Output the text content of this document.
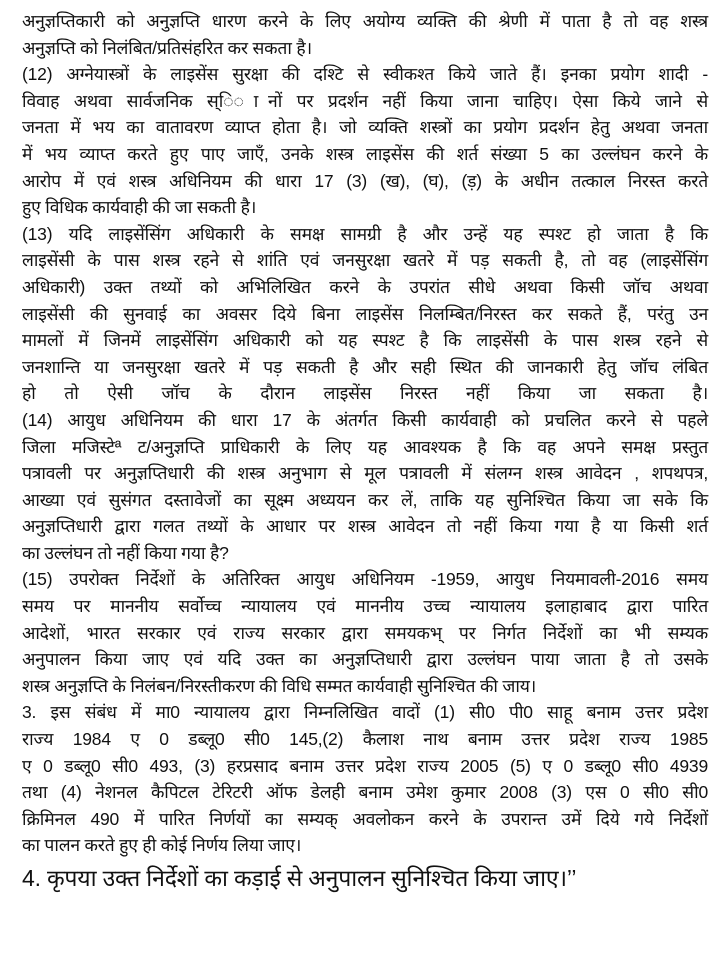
अनुज्ञप्तिकारी को अनुज्ञप्ति धारण करने के लिए अयोग्य व्यक्ति की श्रेणी में पाता है तो वह शस्त्र
अनुज्ञप्ति को निलंबित/प्रतिसंहरित कर सकता है।
(12) अग्नेयास्त्रों के लाइसेंस सुरक्षा की दश्टि से स्वीकश्त किये जाते हैं। इनका प्रयोग शादी -
विवाह अथवा सार्वजनिक स्ि◌ानों पर प्रदर्शन नहीं किया जाना चाहिए। ऐसा किये जाने से
जनता में भय का वातावरण व्याप्त होता है। जो व्यक्ति शस्त्रों का प्रयोग प्रदर्शन हेतु अथवा जनता
में भय व्याप्त करते हुए पाए जाएँ, उनके शस्त्र लाइसेंस की शर्त संख्या 5 का उल्लंघन करने के
आरोप में एवं शस्त्र अधिनियम की धारा 17 (3) (ख), (घ), (ड़) के अधीन तत्काल निरस्त करते
हुए विधिक कार्यवाही की जा सकती है।
(13) यदि लाइसेंसिंग अधिकारी के समक्ष सामग्री है और उन्हें यह स्पश्ट हो जाता है कि
लाइसेंसी के पास शस्त्र रहने से शांति एवं जनसुरक्षा खतरे में पड़ सकती है, तो वह (लाइसेंसिंग
अधिकारी) उक्त तथ्यों को अभिलिखित करने के उपरांत सीधे अथवा किसी जॉच अथवा
लाइसेंसी की सुनवाई का अवसर दिये बिना लाइसेंस निलम्बित/निरस्त कर सकते हैं, परंतु उन
मामलों में जिनमें लाइसेंसिंग अधिकारी को यह स्पश्ट है कि लाइसेंसी के पास शस्त्र रहने से
जनशान्ति या जनसुरक्षा खतरे में पड़ सकती है और सही स्थित की जानकारी हेतु जॉच लंबित
हो तो ऐसी जॉच के दौरान लाइसेंस निरस्त नहीं किया जा सकता है।
(14) आयुध अधिनियम की धारा 17 के अंतर्गत किसी कार्यवाही को प्रचलित करने से पहले
जिला मजिस्टेª ट/अनुज्ञप्ति प्राधिकारी के लिए यह आवश्यक है कि वह अपने समक्ष प्रस्तुत
पत्रावली पर अनुज्ञप्तिधारी की शस्त्र अनुभाग से मूल पत्रावली में संलग्न शस्त्र आवेदन , शपथपत्र,
आख्या एवं सुसंगत दस्तावेजों का सूक्ष्म अध्ययन कर लें, ताकि यह सुनिश्चित किया जा सके कि
अनुज्ञप्तिधारी द्वारा गलत तथ्यों के आधार पर शस्त्र आवेदन तो नहीं किया गया है या किसी शर्त
का उल्लंघन तो नहीं किया गया है?
(15) उपरोक्त निर्देशों के अतिरिक्त आयुध अधिनियम -1959, आयुध नियमावली-2016 समय
समय पर माननीय सर्वोच्च न्यायालय एवं माननीय उच्च न्यायालय इलाहाबाद द्वारा पारित
आदेशों, भारत सरकार एवं राज्य सरकार द्वारा समयकभ् पर निर्गत निर्देशों का भी सम्यक
अनुपालन किया जाए एवं यदि उक्त का अनुज्ञप्तिधारी द्वारा उल्लंघन पाया जाता है तो उसके
शस्त्र अनुज्ञप्ति के निलंबन/निरस्तीकरण की विधि सम्मत कार्यवाही सुनिश्चित की जाय।
3. इस संबंध में मा0 न्यायालय द्वारा निम्नलिखित वादों (1) सी0 पी0 साहू बनाम उत्तर प्रदेश
राज्य 1984 ए 0 डब्लू0 सी0 145,(2) कैलाश नाथ बनाम उत्तर प्रदेश राज्य 1985
ए 0 डब्लू0 सी0 493, (3) हरप्रसाद बनाम उत्तर प्रदेश राज्य 2005 (5) ए 0 डब्लू0 सी0 4939
तथा (4) नेशनल कैपिटल टेरिटरी ऑफ डेलही बनाम उमेश कुमार 2008 (3) एस 0 सी0 सी0
क्रिमिनल 490 में पारित निर्णयों का सम्यक् अवलोकन करने के उपरान्त उमें दिये गये निर्देशों
का पालन करते हुए ही कोई निर्णय लिया जाए।
4. कृपया उक्त निर्देशों का कड़ाई से अनुपालन सुनिश्चित किया जाए।’’
